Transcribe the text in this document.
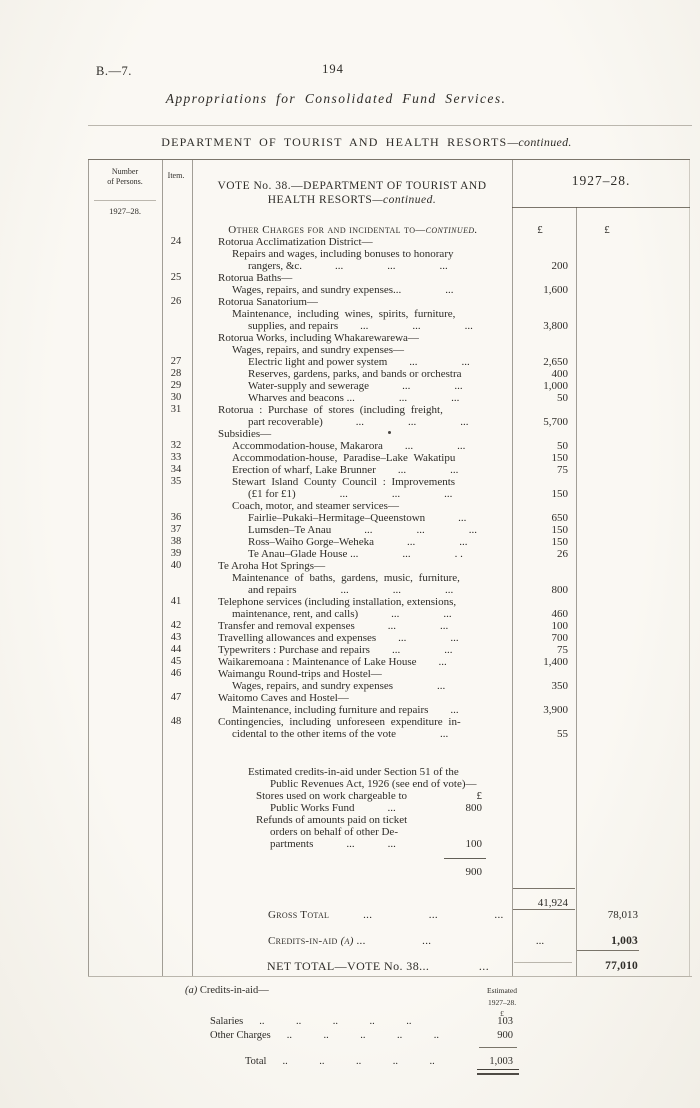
B.—7.	194
Appropriations for Consolidated Fund Services.
DEPARTMENT OF TOURIST AND HEALTH RESORTS—continued.
Number
of Persons.
1927–28.
Item.
VOTE No. 38.—DEPARTMENT OF TOURIST AND
HEALTH RESORTS—continued.
1927–28.
Other Charges for and incidental to—continued.	£	£
24	Rotorua Acclimatization District—
Repairs and wages, including bonuses to honorary
rangers, &c.   ...    ...    ...	200
25	Rotorua Baths—
Wages, repairs, and sundry expenses...    ...	1,600
26	Rotorua Sanatorium—
Maintenance, including wines, spirits, furniture,
supplies, and repairs  ...    ...    ...	3,800
Rotorua Works, including Whakarewarewa—
Wages, repairs, and sundry expenses—
27	Electric light and power system  ...    ...	2,650
28	Reserves, gardens, parks, and bands or orchestra	400
29	Water-supply and sewerage   ...    ...	1,000
30	Wharves and beacons ...    ...    ...	50
31	Rotorua : Purchase of stores (including freight,
part recoverable)   ...    ...    ...	5,700
Subsidies—
32	Accommodation-house, Makarora  ...    ...	50
33	Accommodation-house, Paradise–Lake Wakatipu	150
34	Erection of wharf, Lake Brunner  ...    ...	75
35	Stewart Island County Council : Improvements
(£1 for £1)    ...    ...    ...	150
Coach, motor, and steamer services—
36	Fairlie–Pukaki–Hermitage–Queenstown   ...	650
37	Lumsden–Te Anau   ...    ...    ...	150
38	Ross–Waiho Gorge–Weheka   ...    ...	150
39	Te Anau–Glade House ...    ...    . .	26
40	Te Aroha Hot Springs—
Maintenance of baths, gardens, music, furniture,
and repairs    ...    ...    ...	800
41	Telephone services (including installation, extensions,
maintenance, rent, and calls)   ...    ...	460
42	Transfer and removal expenses   ...    ...	100
43	Travelling allowances and expenses  ...    ...	700
44	Typewriters : Purchase and repairs  ...    ...	75
45	Waikaremoana : Maintenance of Lake House  ...	1,400
46	Waimangu Round-trips and Hostel—
Wages, repairs, and sundry expenses    ...	350
47	Waitomo Caves and Hostel—
Maintenance, including furniture and repairs  ...	3,900
48	Contingencies, including unforeseen expenditure in-
cidental to the other items of the vote    ...	55
Estimated credits-in-aid under Section 51 of the
Public Revenues Act, 1926 (see end of vote)—
Stores used on work chargeable to	£
Public Works Fund   ...	800
Refunds of amounts paid on ticket
orders on behalf of other De-
partments   ...   ...	100
900
41,924
Gross Total   ...     ...     ...	78,013
Credits-in-aid (a) ...     ...	...	1,003
NET TOTAL—VOTE No. 38...    ...	77,010
(a) Credits-in-aid—	Estimated
1927–28.
£
Salaries ..   ..   ..   ..   ..	103
Other Charges ..   ..   ..   ..   ..	900
Total ..   ..   ..   ..   ..	1,003
